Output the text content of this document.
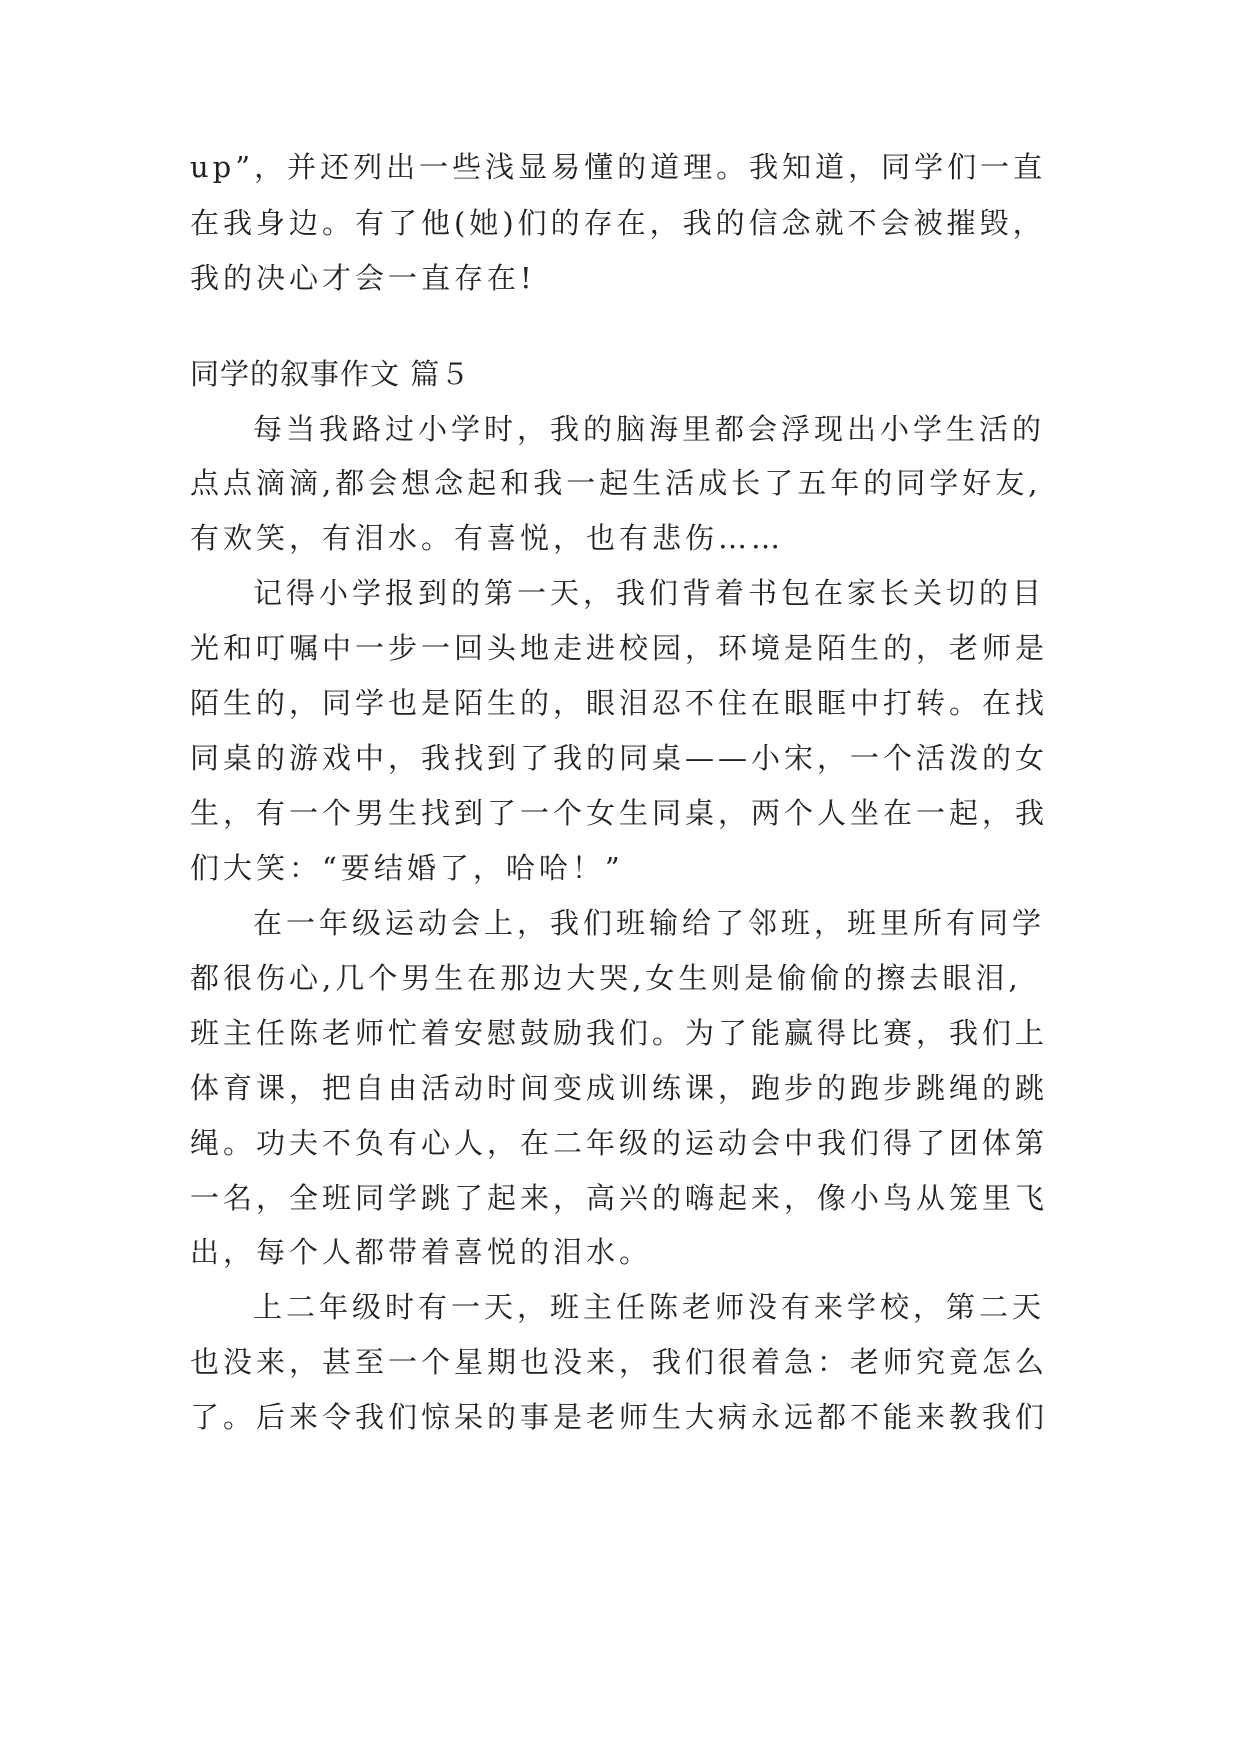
up”，并还列出一些浅显易懂的道理。我知道，同学们一直
在我身边。有了他(她)们的存在，我的信念就不会被摧毁，
我的决心才会一直存在!
同学的叙事作文 篇５
每当我路过小学时，我的脑海里都会浮现出小学生活的
点点滴滴,都会想念起和我一起生活成长了五年的同学好友,
有欢笑，有泪水。有喜悦，也有悲伤……
记得小学报到的第一天，我们背着书包在家长关切的目
光和叮嘱中一步一回头地走进校园，环境是陌生的，老师是
陌生的，同学也是陌生的，眼泪忍不住在眼眶中打转。在找
同桌的游戏中，我找到了我的同桌——小宋，一个活泼的女
生，有一个男生找到了一个女生同桌，两个人坐在一起，我
们大笑：“要结婚了，哈哈！”
在一年级运动会上，我们班输给了邻班，班里所有同学
都很伤心,几个男生在那边大哭,女生则是偷偷的擦去眼泪,
班主任陈老师忙着安慰鼓励我们。为了能赢得比赛，我们上
体育课，把自由活动时间变成训练课，跑步的跑步跳绳的跳
绳。功夫不负有心人，在二年级的运动会中我们得了团体第
一名，全班同学跳了起来，高兴的嗨起来，像小鸟从笼里飞
出，每个人都带着喜悦的泪水。
上二年级时有一天，班主任陈老师没有来学校，第二天
也没来，甚至一个星期也没来，我们很着急：老师究竟怎么
了。后来令我们惊呆的事是老师生大病永远都不能来教我们
